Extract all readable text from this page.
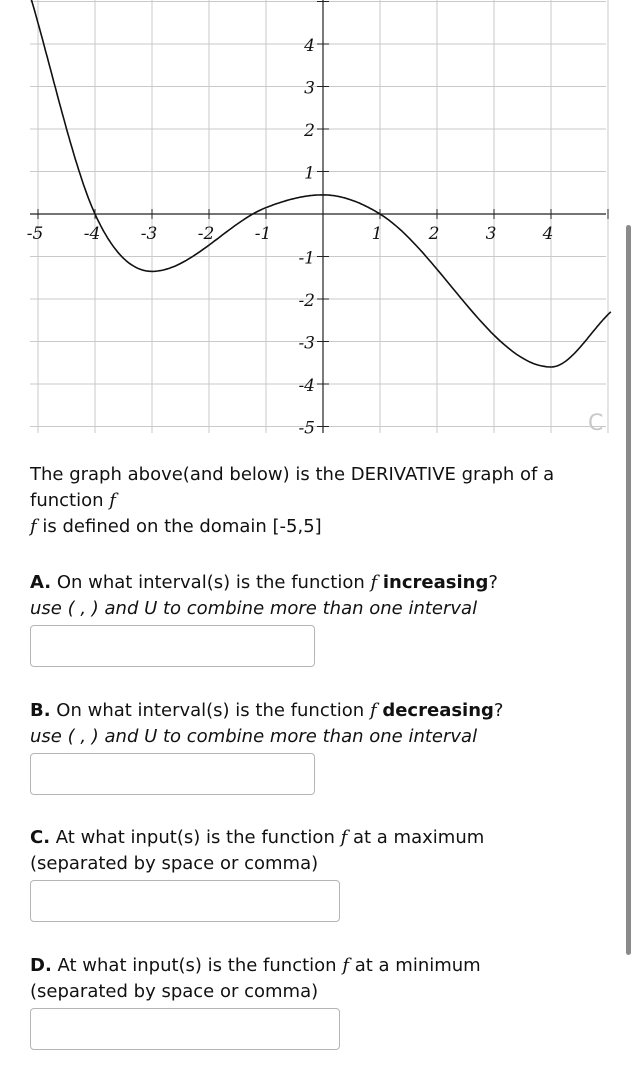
-5 -4 -3 -2 -1	1	2	3	4
4
3
2
1
-1
-2
-3
-4
-5	C
The graph above(and below) is the DERIVATIVE graph of a function f
f is defined on the domain [-5,5]
A. On what interval(s) is the function f increasing?
use ( , ) and U to combine more than one interval
B. On what interval(s) is the function f decreasing?
use ( , ) and U to combine more than one interval
C. At what input(s) is the function f at a maximum
(separated by space or comma)
D. At what input(s) is the function f at a minimum
(separated by space or comma)
